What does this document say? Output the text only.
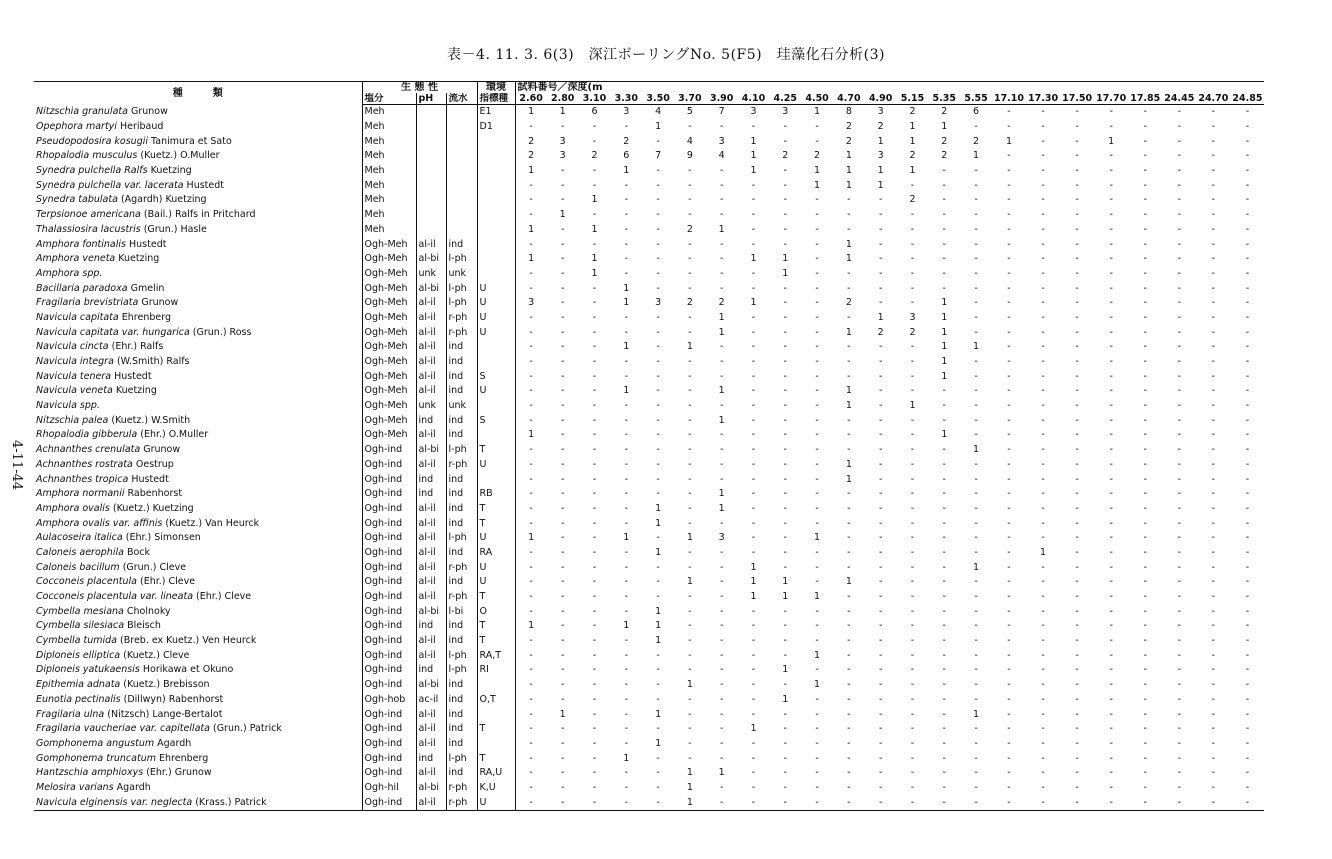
表－4. 11. 3. 6(3)　深江ボーリングNo. 5(F5)　珪藻化石分析(3)
4-11-44
種　　　類	生 態 性			環境	試料番号／深度(m																						
	塩分	pH	流水	指標種	2.60	2.80	3.10	3.30	3.50	3.70	3.90	4.10	4.25	4.50	4.70	4.90	5.15	5.35	5.55	17.10	17.30	17.50	17.70	17.85	24.45	24.70	24.85
Nitzschia granulata Grunow	Meh			E1	1	1	6	3	4	5	7	3	3	1	8	3	2	2	6	-	-	-	-	-	-	-	-
Opephora martyi Heribaud	Meh			D1	-	-	-	-	1	-	-	-	-	-	2	2	1	1	-	-	-	-	-	-	-	-	-
Pseudopodosira kosugii Tanimura et Sato	Meh				2	3	-	2	-	4	3	1	-	-	2	1	1	2	2	1	-	-	1	-	-	-	-
Rhopalodia musculus (Kuetz.) O.Muller	Meh				2	3	2	6	7	9	4	1	2	2	1	3	2	2	1	-	-	-	-	-	-	-	-
Synedra pulchella Ralfs Kuetzing	Meh				1	-	-	1	-	-	-	1	-	1	1	1	1	-	-	-	-	-	-	-	-	-	-
Synedra pulchella var. lacerata Hustedt	Meh				-	-	-	-	-	-	-	-	-	1	1	1	-	-	-	-	-	-	-	-	-	-	-
Synedra tabulata (Agardh) Kuetzing	Meh				-	-	1	-	-	-	-	-	-	-	-	-	2	-	-	-	-	-	-	-	-	-	-
Terpsionoe americana (Bail.) Ralfs in Pritchard	Meh				-	1	-	-	-	-	-	-	-	-	-	-	-	-	-	-	-	-	-	-	-	-	-
Thalassiosira lacustris (Grun.) Hasle	Meh				1	-	1	-	-	2	1	-	-	-	-	-	-	-	-	-	-	-	-	-	-	-	-
Amphora fontinalis Hustedt	Ogh-Meh	al-il	ind		-	-	-	-	-	-	-	-	-	-	1	-	-	-	-	-	-	-	-	-	-	-	-
Amphora veneta Kuetzing	Ogh-Meh	al-bi	l-ph		1	-	1	-	-	-	-	1	1	-	1	-	-	-	-	-	-	-	-	-	-	-	-
Amphora spp.	Ogh-Meh	unk	unk		-	-	1	-	-	-	-	-	1	-	-	-	-	-	-	-	-	-	-	-	-	-	-
Bacillaria paradoxa Gmelin	Ogh-Meh	al-bi	l-ph	U	-	-	-	1	-	-	-	-	-	-	-	-	-	-	-	-	-	-	-	-	-	-	-
Fragilaria brevistriata Grunow	Ogh-Meh	al-il	l-ph	U	3	-	-	1	3	2	2	1	-	-	2	-	-	1	-	-	-	-	-	-	-	-	-
Navicula capitata Ehrenberg	Ogh-Meh	al-il	r-ph	U	-	-	-	-	-	-	1	-	-	-	-	1	3	1	-	-	-	-	-	-	-	-	-
Navicula capitata var. hungarica (Grun.) Ross	Ogh-Meh	al-il	r-ph	U	-	-	-	-	-	-	1	-	-	-	1	2	2	1	-	-	-	-	-	-	-	-	-
Navicula cincta (Ehr.) Ralfs	Ogh-Meh	al-il	ind		-	-	-	1	-	1	-	-	-	-	-	-	-	1	1	-	-	-	-	-	-	-	-
Navicula integra (W.Smith) Ralfs	Ogh-Meh	al-il	ind		-	-	-	-	-	-	-	-	-	-	-	-	-	1	-	-	-	-	-	-	-	-	-
Navicula tenera Hustedt	Ogh-Meh	al-il	ind	S	-	-	-	-	-	-	-	-	-	-	-	-	-	1	-	-	-	-	-	-	-	-	-
Navicula veneta Kuetzing	Ogh-Meh	al-il	ind	U	-	-	-	1	-	-	1	-	-	-	1	-	-	-	-	-	-	-	-	-	-	-	-
Navicula spp.	Ogh-Meh	unk	unk		-	-	-	-	-	-	-	-	-	-	1	-	1	-	-	-	-	-	-	-	-	-	-
Nitzschia palea (Kuetz.) W.Smith	Ogh-Meh	ind	ind	S	-	-	-	-	-	-	1	-	-	-	-	-	-	-	-	-	-	-	-	-	-	-	-
Rhopalodia gibberula (Ehr.) O.Muller	Ogh-Meh	al-il	ind		1	-	-	-	-	-	-	-	-	-	-	-	-	1	-	-	-	-	-	-	-	-	-
Achnanthes crenulata Grunow	Ogh-ind	al-bi	l-ph	T	-	-	-	-	-	-	-	-	-	-	-	-	-	-	1	-	-	-	-	-	-	-	-
Achnanthes rostrata Oestrup	Ogh-ind	al-il	r-ph	U	-	-	-	-	-	-	-	-	-	-	1	-	-	-	-	-	-	-	-	-	-	-	-
Achnanthes tropica Hustedt	Ogh-ind	ind	ind		-	-	-	-	-	-	-	-	-	-	1	-	-	-	-	-	-	-	-	-	-	-	-
Amphora normanii Rabenhorst	Ogh-ind	ind	ind	RB	-	-	-	-	-	-	1	-	-	-	-	-	-	-	-	-	-	-	-	-	-	-	-
Amphora ovalis (Kuetz.) Kuetzing	Ogh-ind	al-il	ind	T	-	-	-	-	1	-	1	-	-	-	-	-	-	-	-	-	-	-	-	-	-	-	-
Amphora ovalis var. affinis (Kuetz.) Van Heurck	Ogh-ind	al-il	ind	T	-	-	-	-	1	-	-	-	-	-	-	-	-	-	-	-	-	-	-	-	-	-	-
Aulacoseira italica (Ehr.) Simonsen	Ogh-ind	al-il	l-ph	U	1	-	-	1	-	1	3	-	-	1	-	-	-	-	-	-	-	-	-	-	-	-	-
Caloneis aerophila Bock	Ogh-ind	al-il	ind	RA	-	-	-	-	1	-	-	-	-	-	-	-	-	-	-	-	1	-	-	-	-	-	-
Caloneis bacillum (Grun.) Cleve	Ogh-ind	al-il	r-ph	U	-	-	-	-	-	-	-	1	-	-	-	-	-	-	1	-	-	-	-	-	-	-	-
Cocconeis placentula (Ehr.) Cleve	Ogh-ind	al-il	ind	U	-	-	-	-	-	1	-	1	1	-	1	-	-	-	-	-	-	-	-	-	-	-	-
Cocconeis placentula var. lineata (Ehr.) Cleve	Ogh-ind	al-il	r-ph	T	-	-	-	-	-	-	-	1	1	1	-	-	-	-	-	-	-	-	-	-	-	-	-
Cymbella mesiana Cholnoky	Ogh-ind	al-bi	l-bi	O	-	-	-	-	1	-	-	-	-	-	-	-	-	-	-	-	-	-	-	-	-	-	-
Cymbella silesiaca Bleisch	Ogh-ind	ind	ind	T	1	-	-	1	1	-	-	-	-	-	-	-	-	-	-	-	-	-	-	-	-	-	-
Cymbella tumida (Breb. ex Kuetz.) Ven Heurck	Ogh-ind	al-il	ind	T	-	-	-	-	1	-	-	-	-	-	-	-	-	-	-	-	-	-	-	-	-	-	-
Diploneis elliptica (Kuetz.) Cleve	Ogh-ind	al-il	l-ph	RA,T	-	-	-	-	-	-	-	-	-	1	-	-	-	-	-	-	-	-	-	-	-	-	-
Diploneis yatukaensis Horikawa et Okuno	Ogh-ind	ind	l-ph	RI	-	-	-	-	-	-	-	-	1	-	-	-	-	-	-	-	-	-	-	-	-	-	-
Epithemia adnata (Kuetz.) Brebisson	Ogh-ind	al-bi	ind		-	-	-	-	-	1	-	-	-	1	-	-	-	-	-	-	-	-	-	-	-	-	-
Eunotia pectinalis (Dillwyn) Rabenhorst	Ogh-hob	ac-il	ind	O,T	-	-	-	-	-	-	-	-	1	-	-	-	-	-	-	-	-	-	-	-	-	-	-
Fragilaria ulna (Nitzsch) Lange-Bertalot	Ogh-ind	al-il	ind		-	1	-	-	1	-	-	-	-	-	-	-	-	-	1	-	-	-	-	-	-	-	-
Fragilaria vaucheriae var. capitellata (Grun.) Patrick	Ogh-ind	al-il	ind	T	-	-	-	-	-	-	-	1	-	-	-	-	-	-	-	-	-	-	-	-	-	-	-
Gomphonema angustum Agardh	Ogh-ind	al-il	ind		-	-	-	-	1	-	-	-	-	-	-	-	-	-	-	-	-	-	-	-	-	-	-
Gomphonema truncatum Ehrenberg	Ogh-ind	ind	l-ph	T	-	-	-	1	-	-	-	-	-	-	-	-	-	-	-	-	-	-	-	-	-	-	-
Hantzschia amphioxys (Ehr.) Grunow	Ogh-ind	al-il	ind	RA,U	-	-	-	-	-	1	1	-	-	-	-	-	-	-	-	-	-	-	-	-	-	-	-
Melosira varians Agardh	Ogh-hil	al-bi	r-ph	K,U	-	-	-	-	-	1	-	-	-	-	-	-	-	-	-	-	-	-	-	-	-	-	-
Navicula elginensis var. neglecta (Krass.) Patrick	Ogh-ind	al-il	r-ph	U	-	-	-	-	-	1	-	-	-	-	-	-	-	-	-	-	-	-	-	-	-	-	-
